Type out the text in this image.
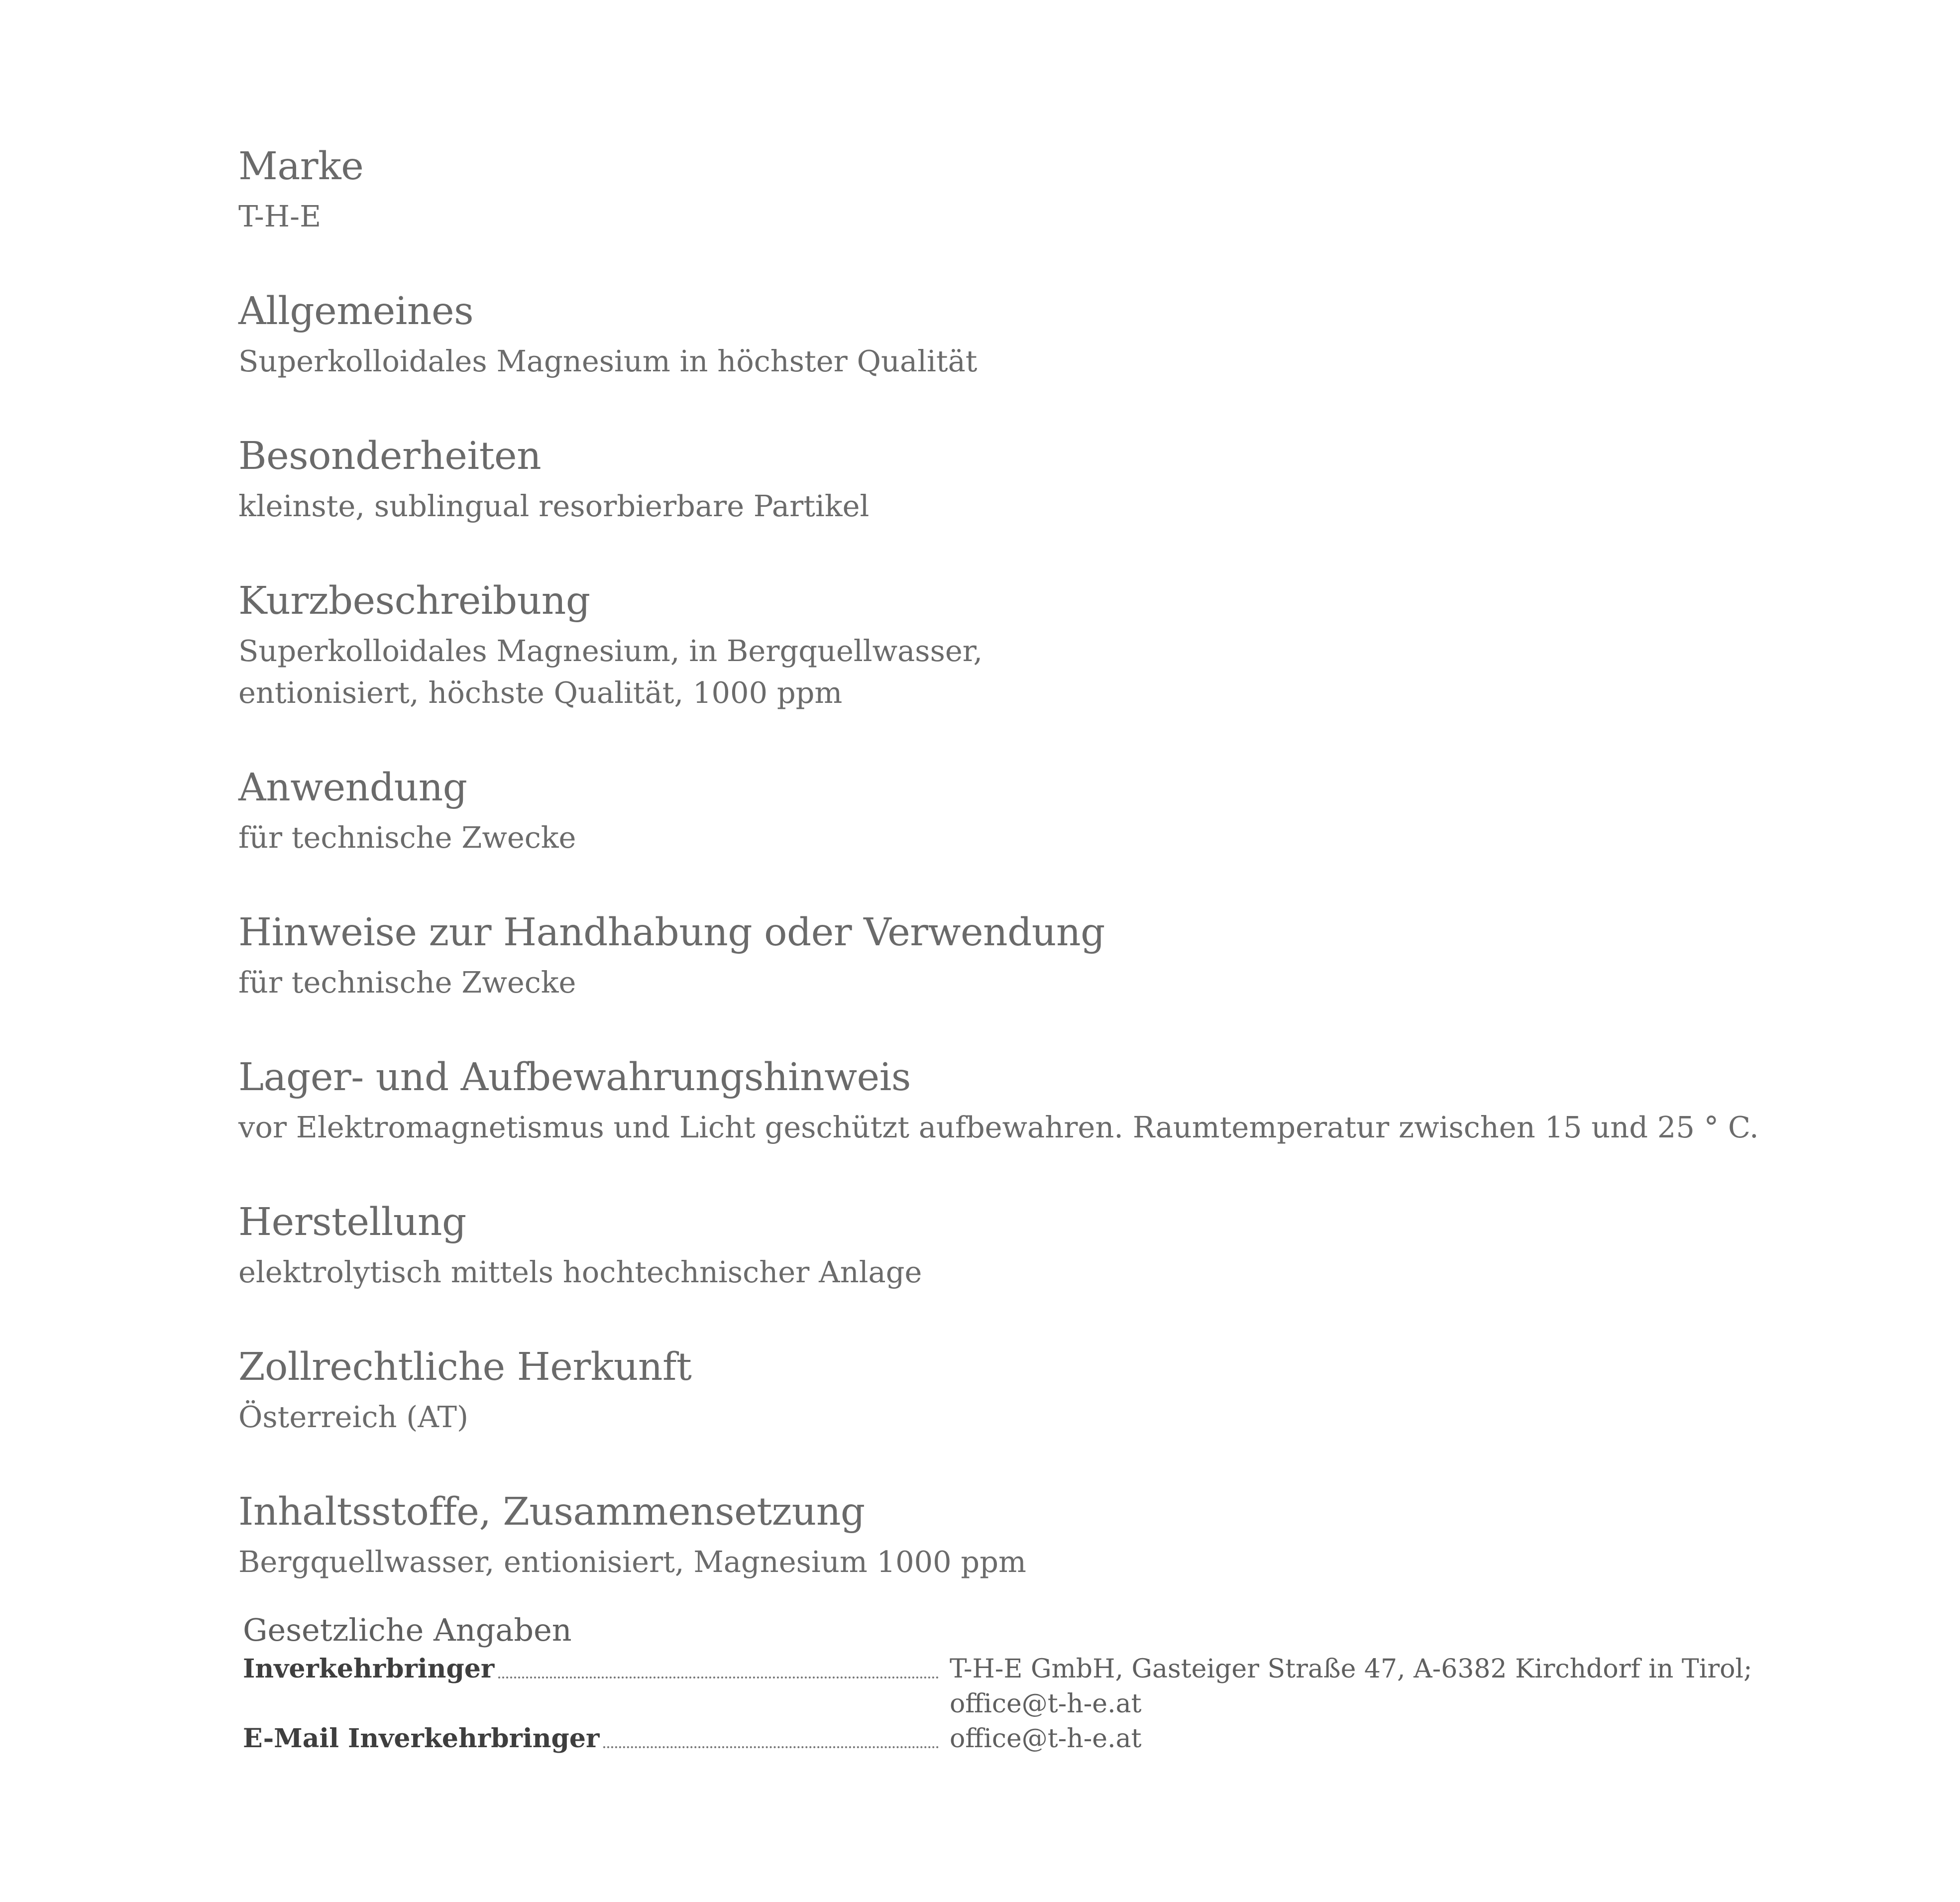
Marke
T-H-E
Allgemeines
Superkolloidales Magnesium in höchster Qualität
Besonderheiten
kleinste, sublingual resorbierbare Partikel
Kurzbeschreibung
Superkolloidales Magnesium, in Bergquellwasser,
entionisiert, höchste Qualität, 1000 ppm
Anwendung
für technische Zwecke
Hinweise zur Handhabung oder Verwendung
für technische Zwecke
Lager- und Aufbewahrungshinweis
vor Elektromagnetismus und Licht geschützt aufbewahren. Raumtemperatur zwischen 15 und 25 ° C.
Herstellung
elektrolytisch mittels hochtechnischer Anlage
Zollrechtliche Herkunft
Österreich (AT)
Inhaltsstoffe, Zusammensetzung
Bergquellwasser, entionisiert, Magnesium 1000 ppm
Gesetzliche Angaben
Inverkehrbringer	T-H-E GmbH, Gasteiger Straße 47, A-6382 Kirchdorf in Tirol; office@t-h-e.at
E-Mail Inverkehrbringer	office@t-h-e.at
